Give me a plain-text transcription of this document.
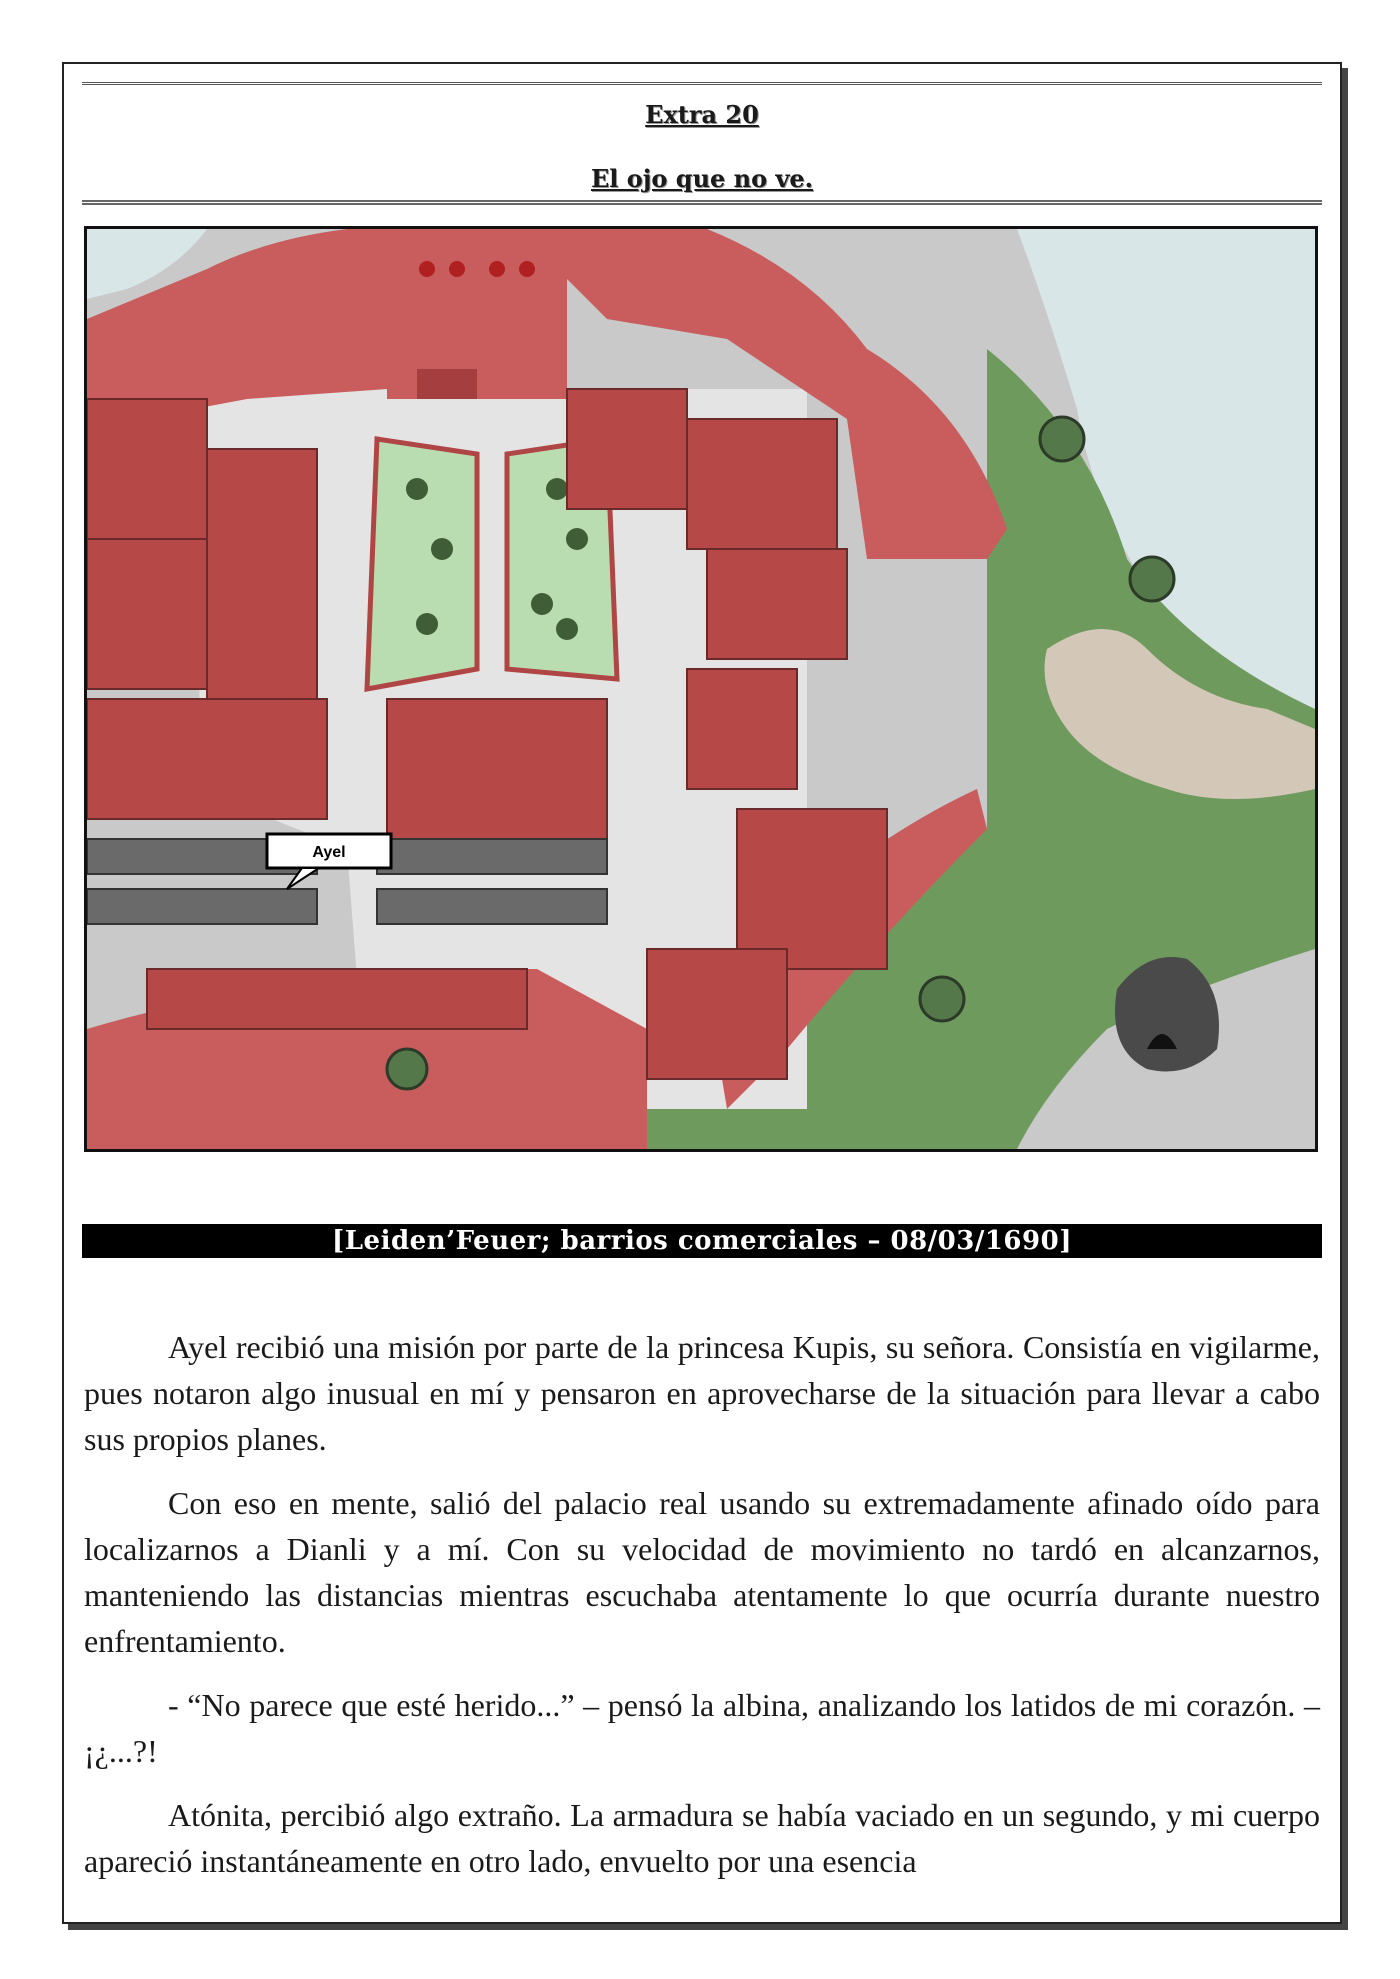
Extra 20
El ojo que no ve.
Ayel
[Leiden’Feuer; barrios comerciales – 08/03/1690]

Ayel recibió una misión por parte de la princesa Kupis, su señora. Consistía en vigilarme, pues notaron algo inusual en mí y pensaron en aprovecharse de la situación para llevar a cabo sus propios planes.

Con eso en mente, salió del palacio real usando su extremadamente afinado oído para localizarnos a Dianli y a mí. Con su velocidad de movimiento no tardó en alcanzarnos, manteniendo las distancias mientras escuchaba atentamente lo que ocurría durante nuestro enfrentamiento.

- “No parece que esté herido...” – pensó la albina, analizando los latidos de mi corazón. – ¡¿...?!

Atónita, percibió algo extraño. La armadura se había vaciado en un segundo, y mi cuerpo apareció instantáneamente en otro lado, envuelto por una esencia
